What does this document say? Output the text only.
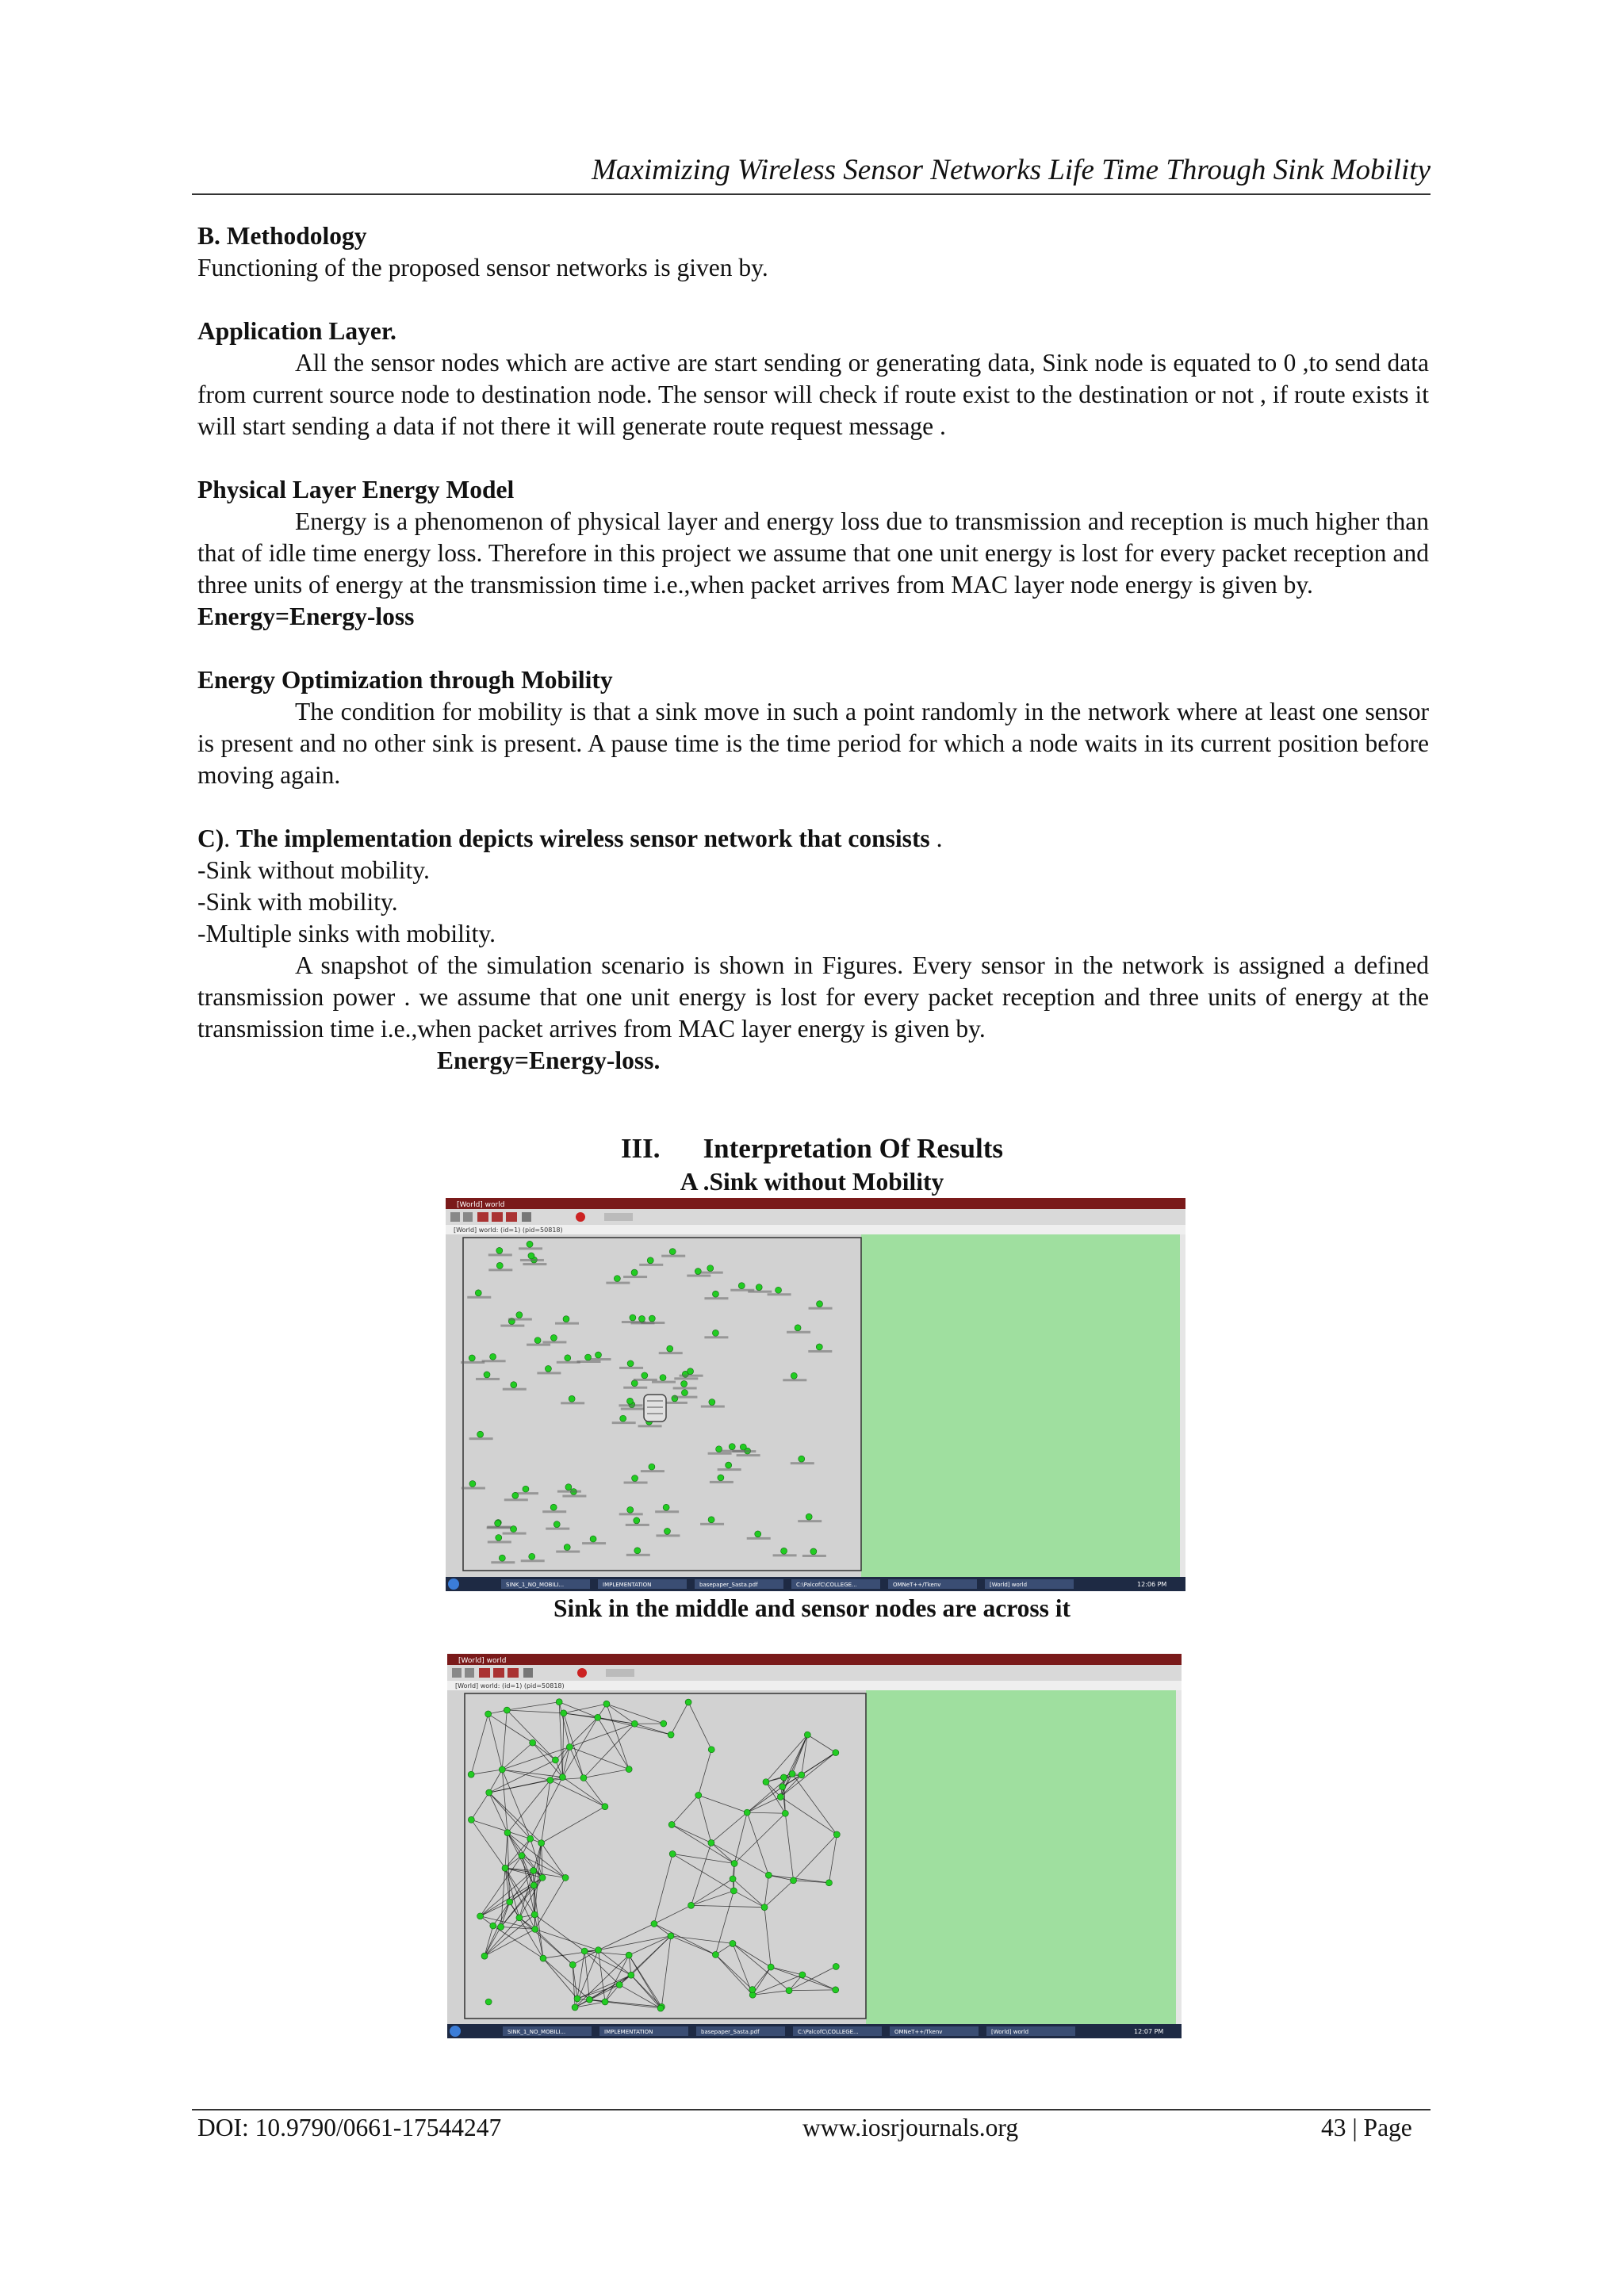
Maximizing Wireless Sensor Networks Life Time Through Sink Mobility

B. Methodology

Functioning of the proposed sensor networks is given by.

Application Layer.

All the sensor nodes which are active are start sending or generating data, Sink node is equated to 0 ,to send data from current source node to destination node. The sensor will check if route exist to the destination or not , if route exists it will start sending a data if not there it will generate route request message .

Physical Layer Energy Model

Energy is a phenomenon of physical layer and energy loss due to transmission and reception is much higher than that of idle time energy loss. Therefore in this project we assume that one unit energy is lost for every packet reception and three units of energy at the transmission time i.e.,when packet arrives from MAC layer node energy is given by.

Energy=Energy-loss

Energy Optimization through Mobility

The condition for mobility is that a sink move in such a point randomly in the network where at least one sensor is present and no other sink is present. A pause time is the time period for which a node waits in its current position before moving again.

C). The implementation depicts wireless sensor network that consists .

-Sink without mobility.

-Sink with mobility.

-Multiple sinks with mobility.

A snapshot of the simulation scenario is shown in Figures. Every sensor in the network is assigned a defined transmission power . we assume that one unit energy is lost for every packet reception and three units of energy at the transmission time i.e.,when packet arrives from MAC layer energy is given by.

Energy=Energy-loss.

III. Interpretation Of Results
A .Sink without Mobility
[World] world
[World] world: (id=1) (pid=50818)
SINK_1_NO_MOBILI...	IMPLEMENTATION	basepaper_Sasta.pdf	C:\PalcofC\COLLEGE...	OMNeT++/Tkenv	[World] world	12:06 PM
Sink in the middle and sensor nodes are across it
[World] world
[World] world: (id=1) (pid=50818)
SINK_1_NO_MOBILI...	IMPLEMENTATION	basepaper_Sasta.pdf	C:\PalcofC\COLLEGE...	OMNeT++/Tkenv	[World] world	12:07 PM
DOI: 10.9790/0661-17544247	www.iosrjournals.org	43 | Page
